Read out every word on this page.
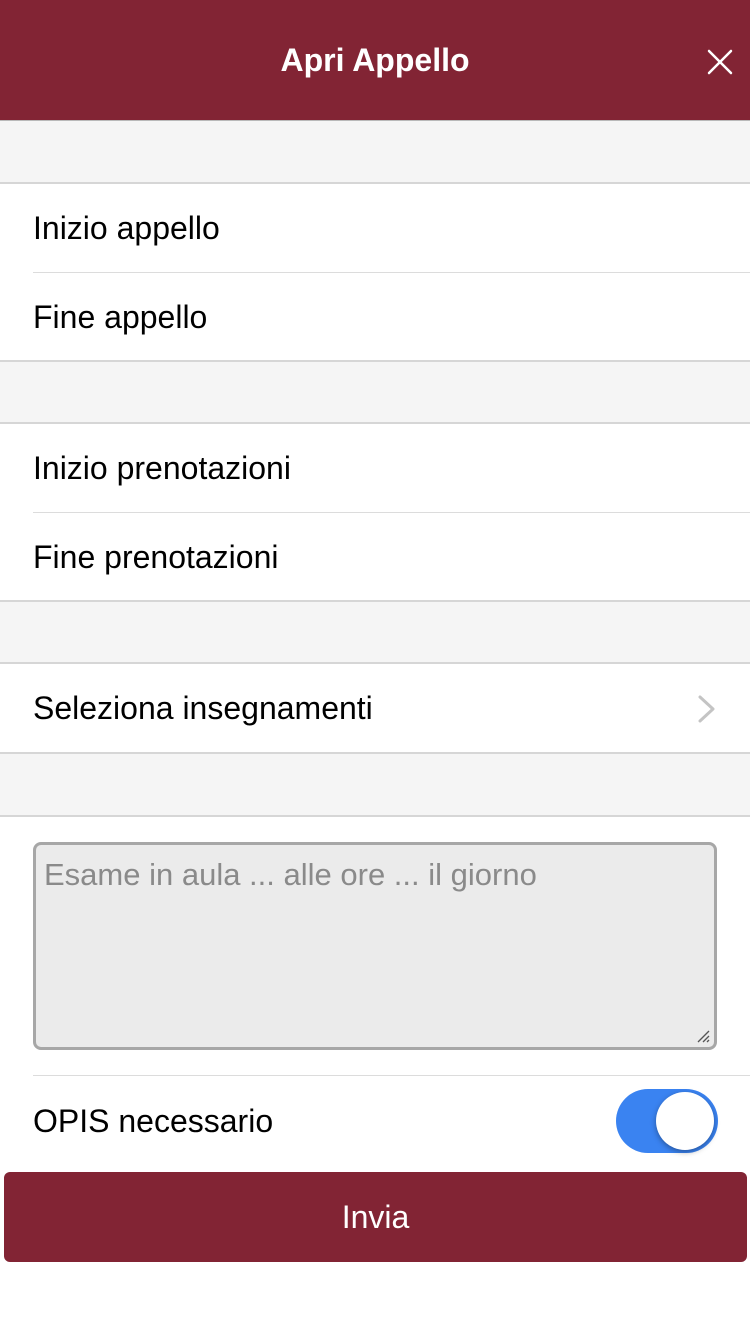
Apri Appello
Inizio appello
Fine appello
Inizio prenotazioni
Fine prenotazioni
Seleziona insegnamenti
Esame in aula ... alle ore ... il giorno
OPIS necessario
Invia
